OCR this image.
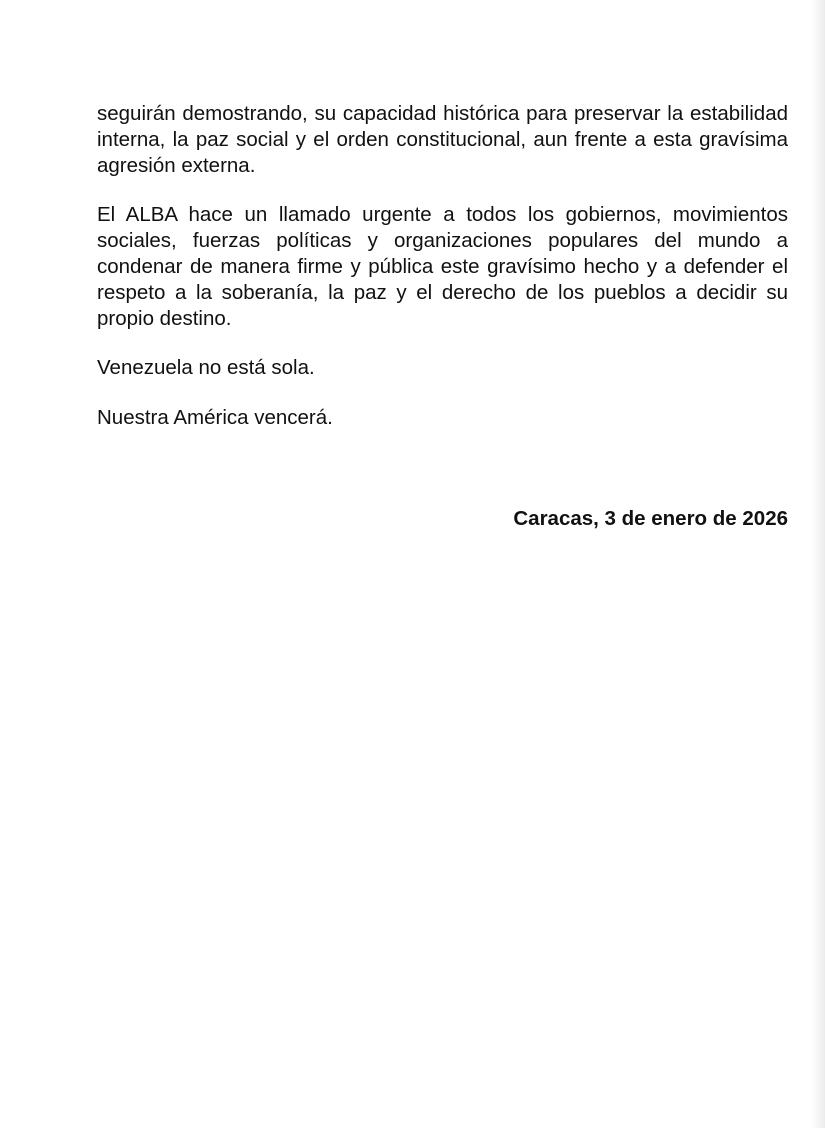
seguirán demostrando, su capacidad histórica para preservar la estabilidad interna, la paz social y el orden constitucional, aun frente a esta gravísima agresión externa.

El ALBA hace un llamado urgente a todos los gobiernos, movimientos sociales, fuerzas políticas y organizaciones populares del mundo a condenar de manera firme y pública este gravísimo hecho y a defender el respeto a la soberanía, la paz y el derecho de los pueblos a decidir su propio destino.

Venezuela no está sola.

Nuestra América vencerá.

Caracas, 3 de enero de 2026
